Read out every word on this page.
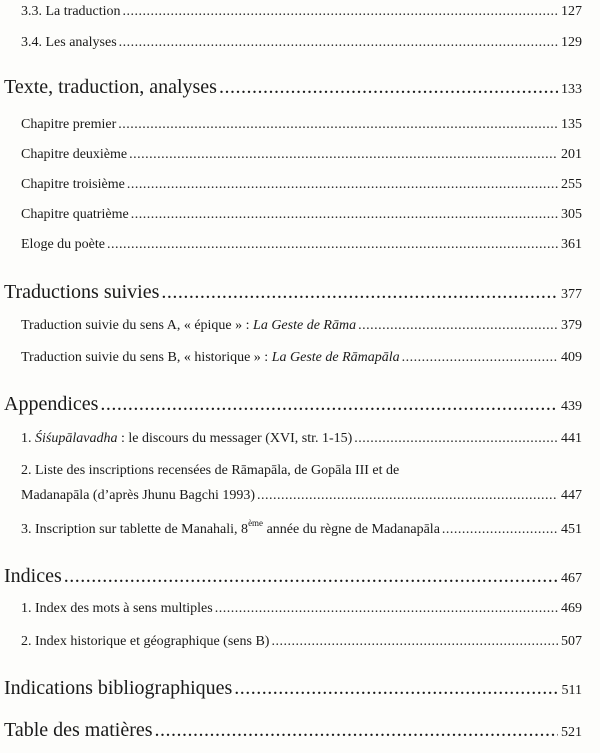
3.3. La traduction .....	127
3.4. Les analyses .....	129
Texte, traduction, analyses .....	133
Chapitre premier .....	135
Chapitre deuxième .....	201
Chapitre troisième .....	255
Chapitre quatrième .....	305
Eloge du poète .....	361
Traductions suivies .....	377
Traduction suivie du sens A, « épique » : La Geste de Rāma .....	379
Traduction suivie du sens B, « historique » : La Geste de Rāmapāla .....	409
Appendices .....	439
1. Śiśupālavadha : le discours du messager (XVI, str. 1-15) .....	441
2. Liste des inscriptions recensées de Rāmapāla, de Gopāla III et de
Madanapāla (d’après Jhunu Bagchi 1993) .....	447
3. Inscription sur tablette de Manahali, 8ème année du règne de Madanapāla .....	451
Indices .....	467
1. Index des mots à sens multiples .....	469
2. Index historique et géographique (sens B) .....	507
Indications bibliographiques .....	511
Table des matières .....	521
